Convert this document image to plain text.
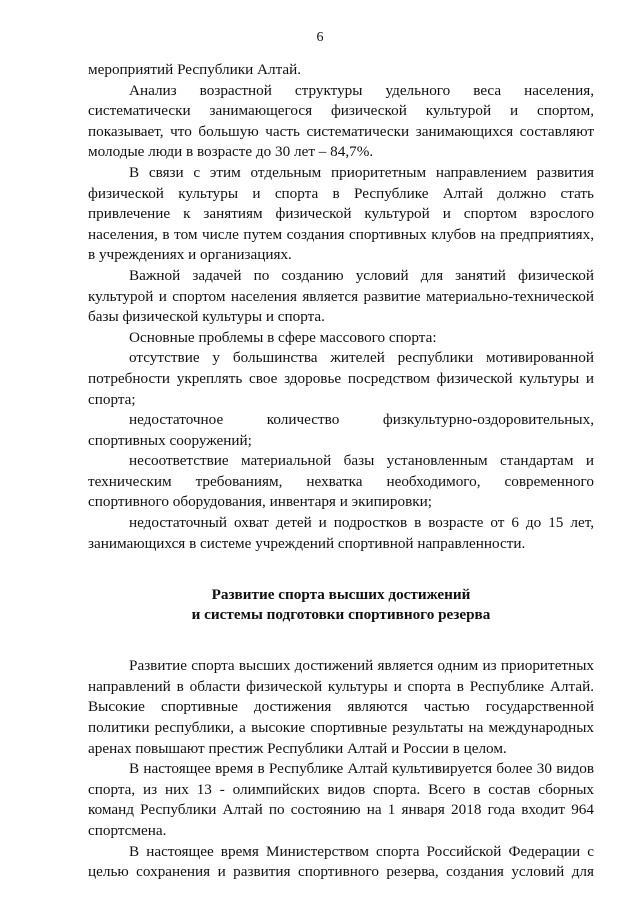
6

мероприятий Республики Алтай.

Анализ возрастной структуры удельного веса населения, систематически занимающегося физической культурой и спортом, показывает, что большую часть систематически занимающихся составляют молодые люди в возрасте до 30 лет – 84,7%.

В связи с этим отдельным приоритетным направлением развития физической культуры и спорта в Республике Алтай должно стать привлечение к занятиям физической культурой и спортом взрослого населения, в том числе путем создания спортивных клубов на предприятиях, в учреждениях и организациях.

Важной задачей по созданию условий для занятий физической культурой и спортом населения является развитие материально-технической базы физической культуры и спорта.

Основные проблемы в сфере массового спорта:

отсутствие у большинства жителей республики мотивированной потребности укреплять свое здоровье посредством физической культуры и спорта;

недостаточное количество физкультурно-оздоровительных, спортивных сооружений;

несоответствие материальной базы установленным стандартам и техническим требованиям, нехватка необходимого, современного спортивного оборудования, инвентаря и экипировки;

недостаточный охват детей и подростков в возрасте от 6 до 15 лет, занимающихся в системе учреждений спортивной направленности.

Развитие спорта высших достижений
и системы подготовки спортивного резерва

Развитие спорта высших достижений является одним из приоритетных направлений в области физической культуры и спорта в Республике Алтай. Высокие спортивные достижения являются частью государственной политики республики, а высокие спортивные результаты на международных аренах повышают престиж Республики Алтай и России в целом.

В настоящее время в Республике Алтай культивируется более 30 видов спорта, из них 13 - олимпийских видов спорта. Всего в состав сборных команд Республики Алтай по состоянию на 1 января 2018 года входит 964 спортсмена.

В настоящее время Министерством спорта Российской Федерации с целью сохранения и развития спортивного резерва, создания условий для
